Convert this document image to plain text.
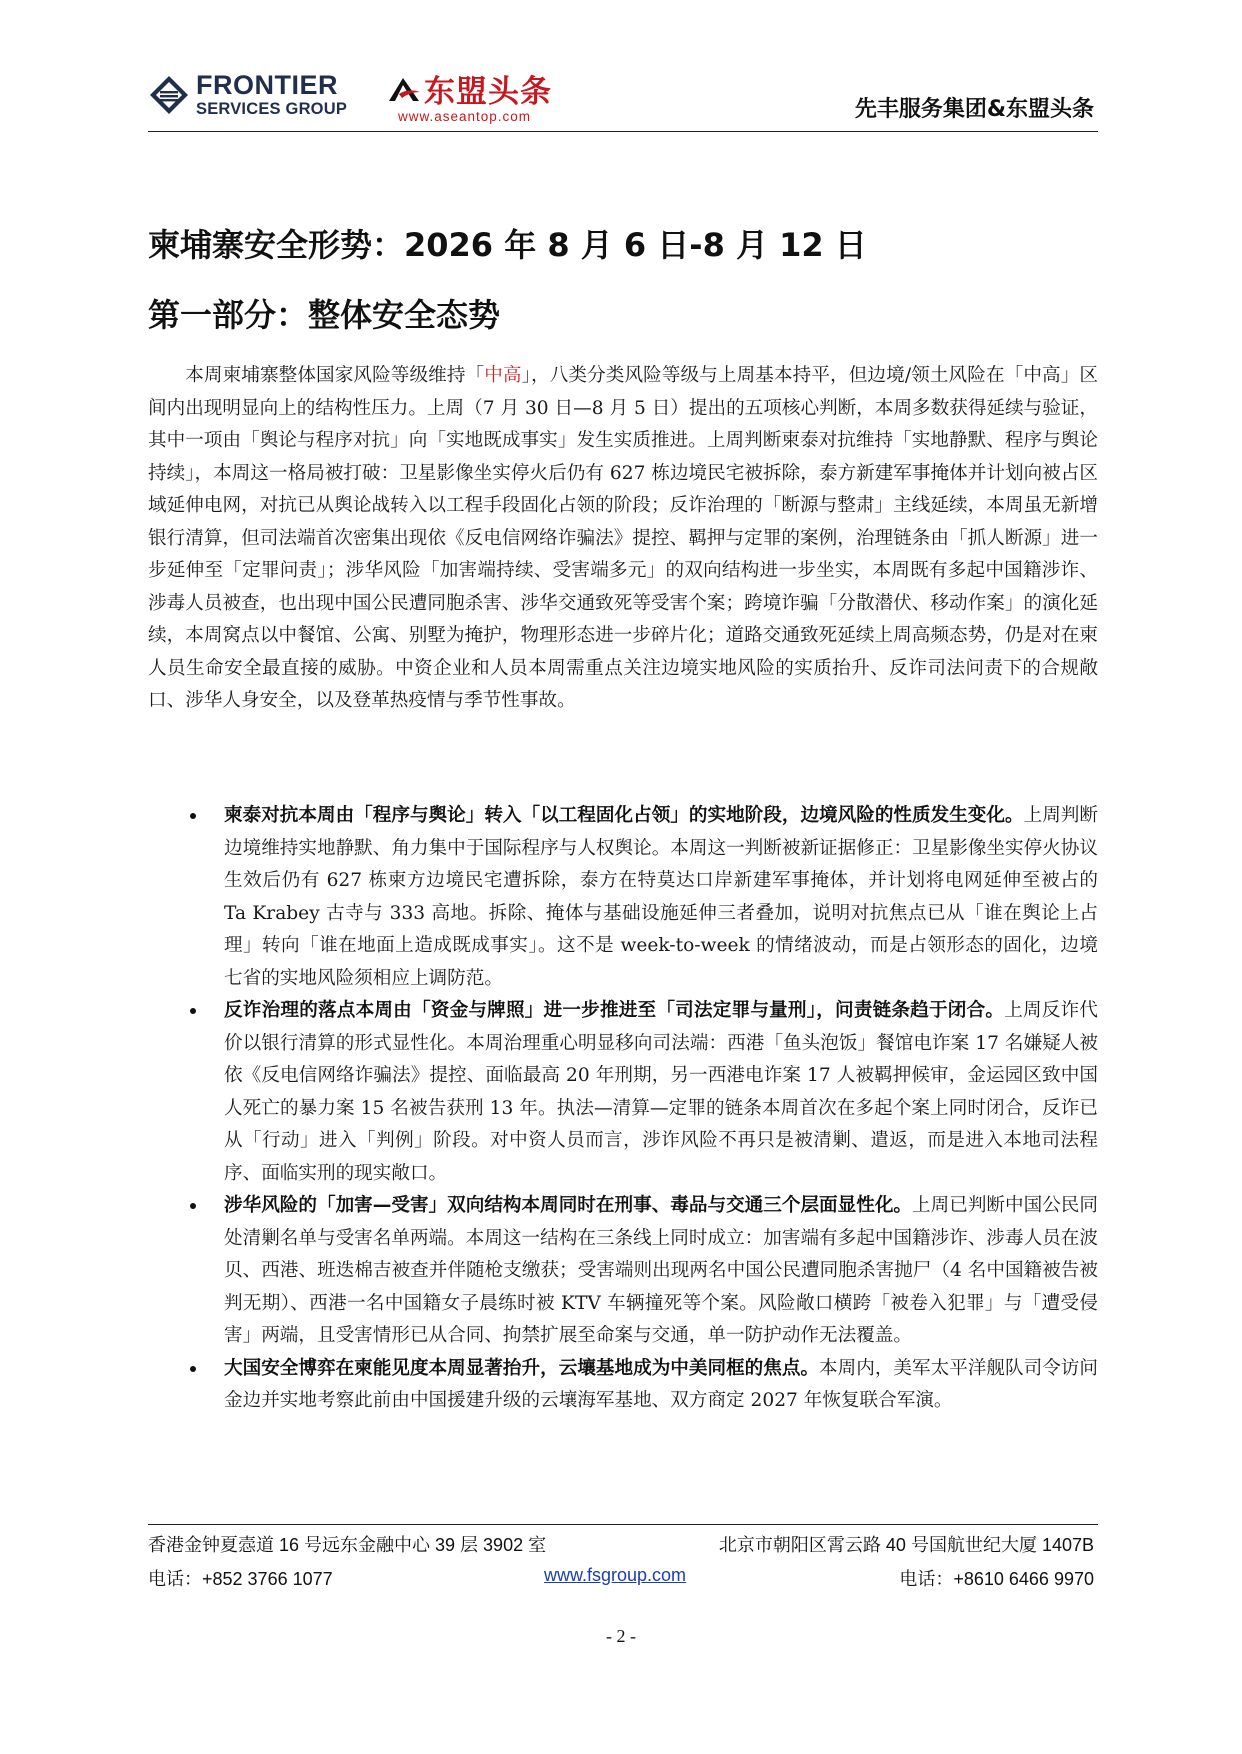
FRONTIER
SERVICES GROUP 东盟头条
www.aseantop.com	先丰服务集团&东盟头条
柬埔寨安全形势：2026 年 8 月 6 日-8 月 12 日
第一部分：整体安全态势

本周柬埔寨整体国家风险等级维持「中高」，八类分类风险等级与上周基本持平，但边境/领土风险在「中高」区间内出现明显向上的结构性压力。上周（7 月 30 日—8 月 5 日）提出的五项核心判断，本周多数获得延续与验证，其中一项由「舆论与程序对抗」向「实地既成事实」发生实质推进。上周判断柬泰对抗维持「实地静默、程序与舆论持续」，本周这一格局被打破：卫星影像坐实停火后仍有 627 栋边境民宅被拆除，泰方新建军事掩体并计划向被占区域延伸电网，对抗已从舆论战转入以工程手段固化占领的阶段；反诈治理的「断源与整肃」主线延续，本周虽无新增银行清算，但司法端首次密集出现依《反电信网络诈骗法》提控、羁押与定罪的案例，治理链条由「抓人断源」进一步延伸至「定罪问责」；涉华风险「加害端持续、受害端多元」的双向结构进一步坐实，本周既有多起中国籍涉诈、涉毒人员被查，也出现中国公民遭同胞杀害、涉华交通致死等受害个案；跨境诈骗「分散潜伏、移动作案」的演化延续，本周窝点以中餐馆、公寓、别墅为掩护，物理形态进一步碎片化；道路交通致死延续上周高频态势，仍是对在柬人员生命安全最直接的威胁。中资企业和人员本周需重点关注边境实地风险的实质抬升、反诈司法问责下的合规敞口、涉华人身安全，以及登革热疫情与季节性事故。

柬泰对抗本周由「程序与舆论」转入「以工程固化占领」的实地阶段，边境风险的性质发生变化。上周判断边境维持实地静默、角力集中于国际程序与人权舆论。本周这一判断被新证据修正：卫星影像坐实停火协议生效后仍有 627 栋柬方边境民宅遭拆除，泰方在特莫达口岸新建军事掩体，并计划将电网延伸至被占的 Ta Krabey 古寺与 333 高地。拆除、掩体与基础设施延伸三者叠加，说明对抗焦点已从「谁在舆论上占理」转向「谁在地面上造成既成事实」。这不是 week-to-week 的情绪波动，而是占领形态的固化，边境七省的实地风险须相应上调防范。
反诈治理的落点本周由「资金与牌照」进一步推进至「司法定罪与量刑」，问责链条趋于闭合。上周反诈代价以银行清算的形式显性化。本周治理重心明显移向司法端：西港「鱼头泡饭」餐馆电诈案 17 名嫌疑人被依《反电信网络诈骗法》提控、面临最高 20 年刑期，另一西港电诈案 17 人被羁押候审，金运园区致中国人死亡的暴力案 15 名被告获刑 13 年。执法—清算—定罪的链条本周首次在多起个案上同时闭合，反诈已从「行动」进入「判例」阶段。对中资人员而言，涉诈风险不再只是被清剿、遣返，而是进入本地司法程序、面临实刑的现实敞口。
涉华风险的「加害—受害」双向结构本周同时在刑事、毒品与交通三个层面显性化。上周已判断中国公民同处清剿名单与受害名单两端。本周这一结构在三条线上同时成立：加害端有多起中国籍涉诈、涉毒人员在波贝、西港、班迭棉吉被查并伴随枪支缴获；受害端则出现两名中国公民遭同胞杀害抛尸（4 名中国籍被告被判无期）、西港一名中国籍女子晨练时被 KTV 车辆撞死等个案。风险敞口横跨「被卷入犯罪」与「遭受侵害」两端，且受害情形已从合同、拘禁扩展至命案与交通，单一防护动作无法覆盖。
大国安全博弈在柬能见度本周显著抬升，云壤基地成为中美同框的焦点。本周内，美军太平洋舰队司令访问金边并实地考察此前由中国援建升级的云壤海军基地、双方商定 2027 年恢复联合军演。
香港金钟夏悫道 16 号远东金融中心 39 层 3902 室	北京市朝阳区霄云路 40 号国航世纪大厦 1407B
电话：+852 3766 1077	www.fsgroup.com	电话：+8610 6466 9970
- 2 -
